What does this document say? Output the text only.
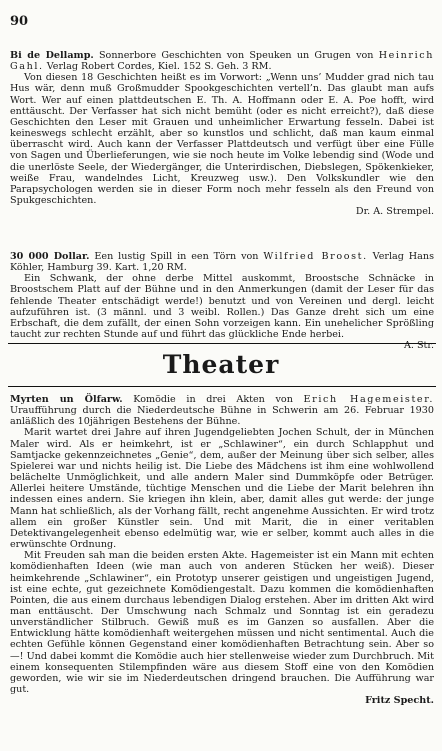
90

Bi de Dellamp. Sonnerbore Geschichten von Speuken un Grugen von Heinrich Gahl. Verlag Robert Cordes, Kiel. 152 S. Geh. 3 RM.

Von diesen 18 Geschichten heißt es im Vorwort: „Wenn uns’ Mudder grad nich tau Hus wär, denn muß Großmudder Spookgeschichten vertell’n. Das glaubt man aufs Wort. Wer auf einen plattdeutschen E. Th. A. Hoffmann oder E. A. Poe hofft, wird enttäuscht. Der Verfasser hat sich nicht bemüht (oder es nicht erreicht?), daß diese Geschichten den Leser mit Grauen und unheimlicher Erwartung fesseln. Dabei ist keineswegs schlecht erzählt, aber so kunstlos und schlicht, daß man kaum einmal überrascht wird. Auch kann der Verfasser Plattdeutsch und verfügt über eine Fülle von Sagen und Überlieferungen, wie sie noch heute im Volke lebendig sind (Wode und die unerlöste Seele, der Wiedergänger, die Unterirdischen, Diebslegen, Spökenkieker, weiße Frau, wandelndes Licht, Kreuzweg usw.). Den Volkskundler wie den Parapsychologen werden sie in dieser Form noch mehr fesseln als den Freund von Spukgeschichten.

Dr. A. Strempel.

30 000 Dollar. Een lustig Spill in een Törn von Wilfried Broost. Verlag Hans Köhler, Hamburg 39. Kart. 1,20 RM.

Ein Schwank, der ohne derbe Mittel auskommt, Broostsche Schnäcke in Broostschem Platt auf der Bühne und in den Anmerkungen (damit der Leser für das fehlende Theater entschädigt werde!) benutzt und von Vereinen und dergl. leicht aufzuführen ist. (3 männl. und 3 weibl. Rollen.) Das Ganze dreht sich um eine Erbschaft, die dem zufällt, der einen Sohn vorzeigen kann. Ein unehelicher Sprößling taucht zur rechten Stunde auf und führt das glückliche Ende herbei.

A. Str.

Theater

Myrten un Ölfarw. Komödie in drei Akten von Erich Hagemeister. Uraufführung durch die Niederdeutsche Bühne in Schwerin am 26. Februar 1930 anläßlich des 10jährigen Bestehens der Bühne.

Marit wartet drei Jahre auf ihren Jugendgeliebten Jochen Schult, der in München Maler wird. Als er heimkehrt, ist er „Schlawiner“, ein durch Schlapphut und Samtjacke gekennzeichnetes „Genie“, dem, außer der Meinung über sich selber, alles Spielerei war und nichts heilig ist. Die Liebe des Mädchens ist ihm eine wohlwollend belächelte Unmöglichkeit, und alle andern Maler sind Dummköpfe oder Betrüger. Allerlei heitere Umstände, tüchtige Menschen und die Liebe der Marit belehren ihn indessen eines andern. Sie kriegen ihn klein, aber, damit alles gut werde: der junge Mann hat schließlich, als der Vorhang fällt, recht angenehme Aussichten. Er wird trotz allem ein großer Künstler sein. Und mit Marit, die in einer veritablen Detektivangelegenheit ebenso edelmütig war, wie er selber, kommt auch alles in die erwünschte Ordnung.

Mit Freuden sah man die beiden ersten Akte. Hagemeister ist ein Mann mit echten komödienhaften Ideen (wie man auch von anderen Stücken her weiß). Dieser heimkehrende „Schlawiner“, ein Prototyp unserer geistigen und ungeistigen Jugend, ist eine echte, gut gezeichnete Komödiengestalt. Dazu kommen die komödienhaften Pointen, die aus einem durchaus lebendigen Dialog erstehen. Aber im dritten Akt wird man enttäuscht. Der Umschwung nach Schmalz und Sonntag ist ein geradezu unverständlicher Stilbruch. Gewiß muß es im Ganzen so ausfallen. Aber die Entwicklung hätte komödienhaft weitergehen müssen und nicht sentimental. Auch die echten Gefühle können Gegenstand einer komödienhaften Betrachtung sein. Aber so —! Und dabei kommt die Komödie auch hier stellenweise wieder zum Durchbruch. Mit einem konsequenten Stilempfinden wäre aus diesem Stoff eine von den Komödien geworden, wie wir sie im Niederdeutschen dringend brauchen. Die Aufführung war gut.

Fritz Specht.
